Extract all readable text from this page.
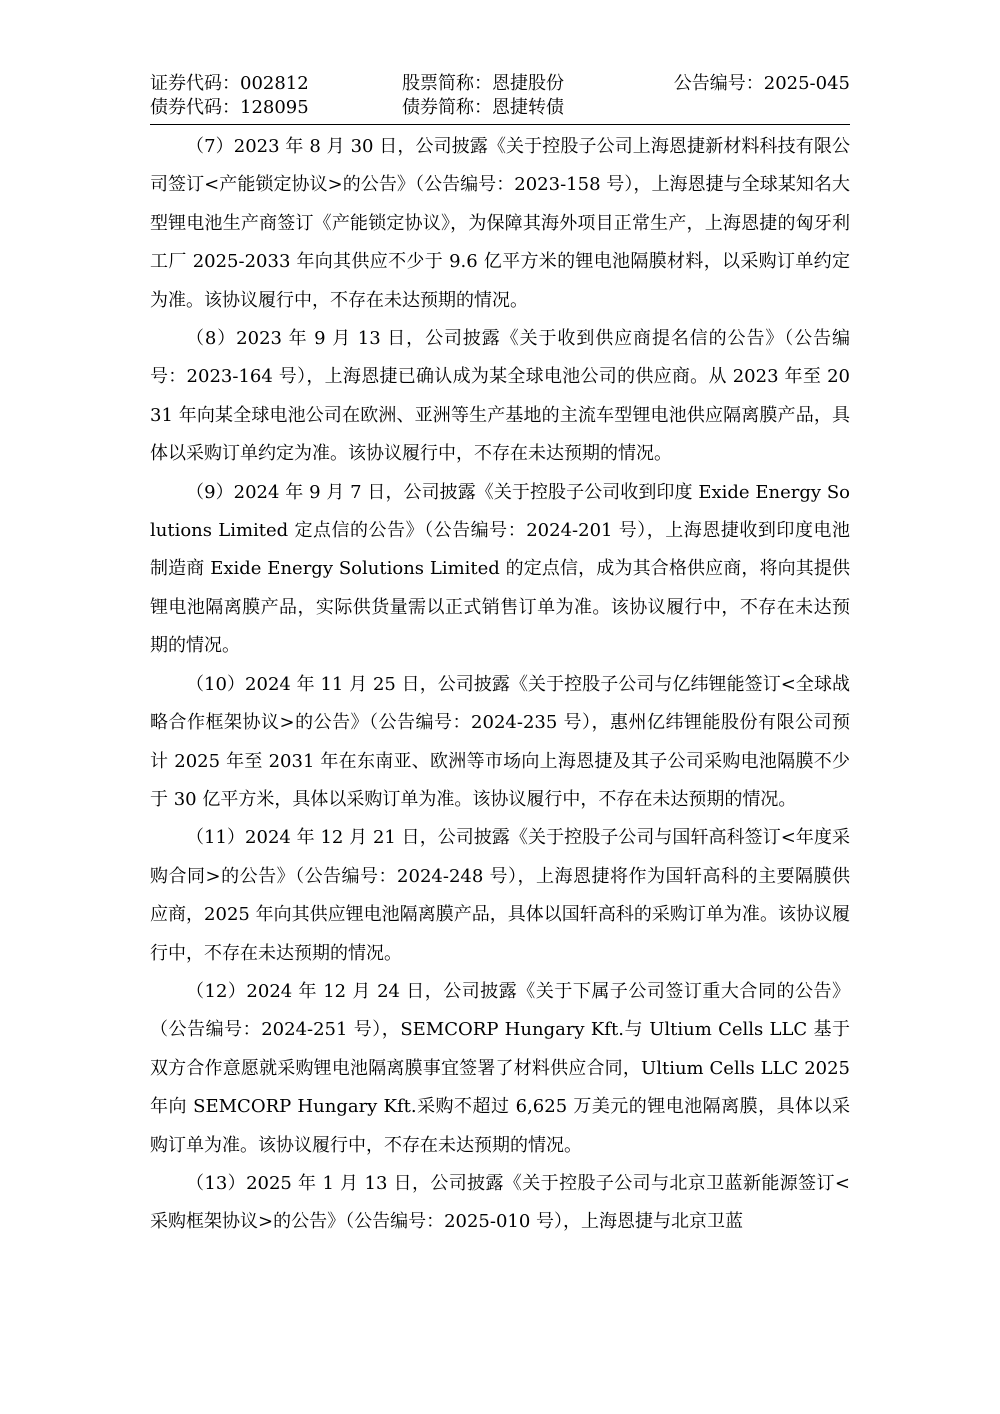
证券代码：002812	股票简称：恩捷股份	公告编号：2025-045
债券代码：128095	债券简称：恩捷转债

（7）2023 年 8 月 30 日，公司披露《关于控股子公司上海恩捷新材料科技有限公司签订<产能锁定协议>的公告》（公告编号：2023-158 号），上海恩捷与全球某知名大型锂电池生产商签订《产能锁定协议》，为保障其海外项目正常生产，上海恩捷的匈牙利工厂 2025-2033 年向其供应不少于 9.6 亿平方米的锂电池隔膜材料，以采购订单约定为准。该协议履行中，不存在未达预期的情况。

（8）2023 年 9 月 13 日，公司披露《关于收到供应商提名信的公告》（公告编号：2023-164 号），上海恩捷已确认成为某全球电池公司的供应商。从 2023 年至 2031 年向某全球电池公司在欧洲、亚洲等生产基地的主流车型锂电池供应隔离膜产品，具体以采购订单约定为准。该协议履行中，不存在未达预期的情况。

（9）2024 年 9 月 7 日，公司披露《关于控股子公司收到印度 Exide Energy Solutions Limited 定点信的公告》（公告编号：2024-201 号），上海恩捷收到印度电池制造商 Exide Energy Solutions Limited 的定点信，成为其合格供应商，将向其提供锂电池隔离膜产品，实际供货量需以正式销售订单为准。该协议履行中，不存在未达预期的情况。

（10）2024 年 11 月 25 日，公司披露《关于控股子公司与亿纬锂能签订<全球战略合作框架协议>的公告》（公告编号：2024-235 号），惠州亿纬锂能股份有限公司预计 2025 年至 2031 年在东南亚、欧洲等市场向上海恩捷及其子公司采购电池隔膜不少于 30 亿平方米，具体以采购订单为准。该协议履行中，不存在未达预期的情况。

（11）2024 年 12 月 21 日，公司披露《关于控股子公司与国轩高科签订<年度采购合同>的公告》（公告编号：2024-248 号），上海恩捷将作为国轩高科的主要隔膜供应商，2025 年向其供应锂电池隔离膜产品，具体以国轩高科的采购订单为准。该协议履行中，不存在未达预期的情况。

（12）2024 年 12 月 24 日，公司披露《关于下属子公司签订重大合同的公告》（公告编号：2024-251 号），SEMCORP Hungary Kft.与 Ultium Cells LLC 基于双方合作意愿就采购锂电池隔离膜事宜签署了材料供应合同，Ultium Cells LLC 2025 年向 SEMCORP Hungary Kft.采购不超过 6,625 万美元的锂电池隔离膜，具体以采购订单为准。该协议履行中，不存在未达预期的情况。

（13）2025 年 1 月 13 日，公司披露《关于控股子公司与北京卫蓝新能源签订<采购框架协议>的公告》（公告编号：2025-010 号），上海恩捷与北京卫蓝
